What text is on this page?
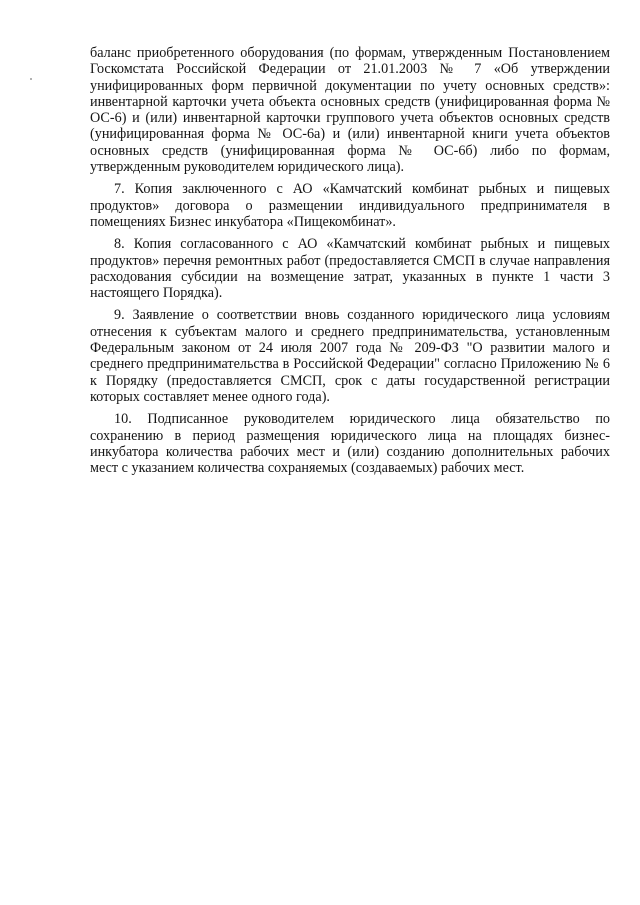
баланс приобретенного оборудования (по формам, утвержденным Постановлением Госкомстата Российской Федерации от 21.01.2003 № 7 «Об утверждении унифицированных форм первичной документации по учету основных средств»: инвентарной карточки учета объекта основных средств (унифицированная форма № ОС-6) и (или) инвентарной карточки группового учета объектов основных средств (унифицированная форма № ОС-6а) и (или) инвентарной книги учета объектов основных средств (унифицированная форма № ОС-6б) либо по формам, утвержденным руководителем юридического лица).

7. Копия заключенного с АО «Камчатский комбинат рыбных и пищевых продуктов» договора о размещении индивидуального предпринимателя в помещениях Бизнес инкубатора «Пищекомбинат».

8. Копия согласованного с АО «Камчатский комбинат рыбных и пищевых продуктов» перечня ремонтных работ (предоставляется СМСП в случае направления расходования субсидии на возмещение затрат, указанных в пункте 1 части 3 настоящего Порядка).

9. Заявление о соответствии вновь созданного юридического лица условиям отнесения к субъектам малого и среднего предпринимательства, установленным Федеральным законом от 24 июля 2007 года № 209-ФЗ "О развитии малого и среднего предпринимательства в Российской Федерации" согласно Приложению № 6 к Порядку (предоставляется СМСП, срок с даты государственной регистрации которых составляет менее одного года).

10. Подписанное руководителем юридического лица обязательство по сохранению в период размещения юридического лица на площадях бизнес-инкубатора количества рабочих мест и (или) созданию дополнительных рабочих мест с указанием количества сохраняемых (создаваемых) рабочих мест.
